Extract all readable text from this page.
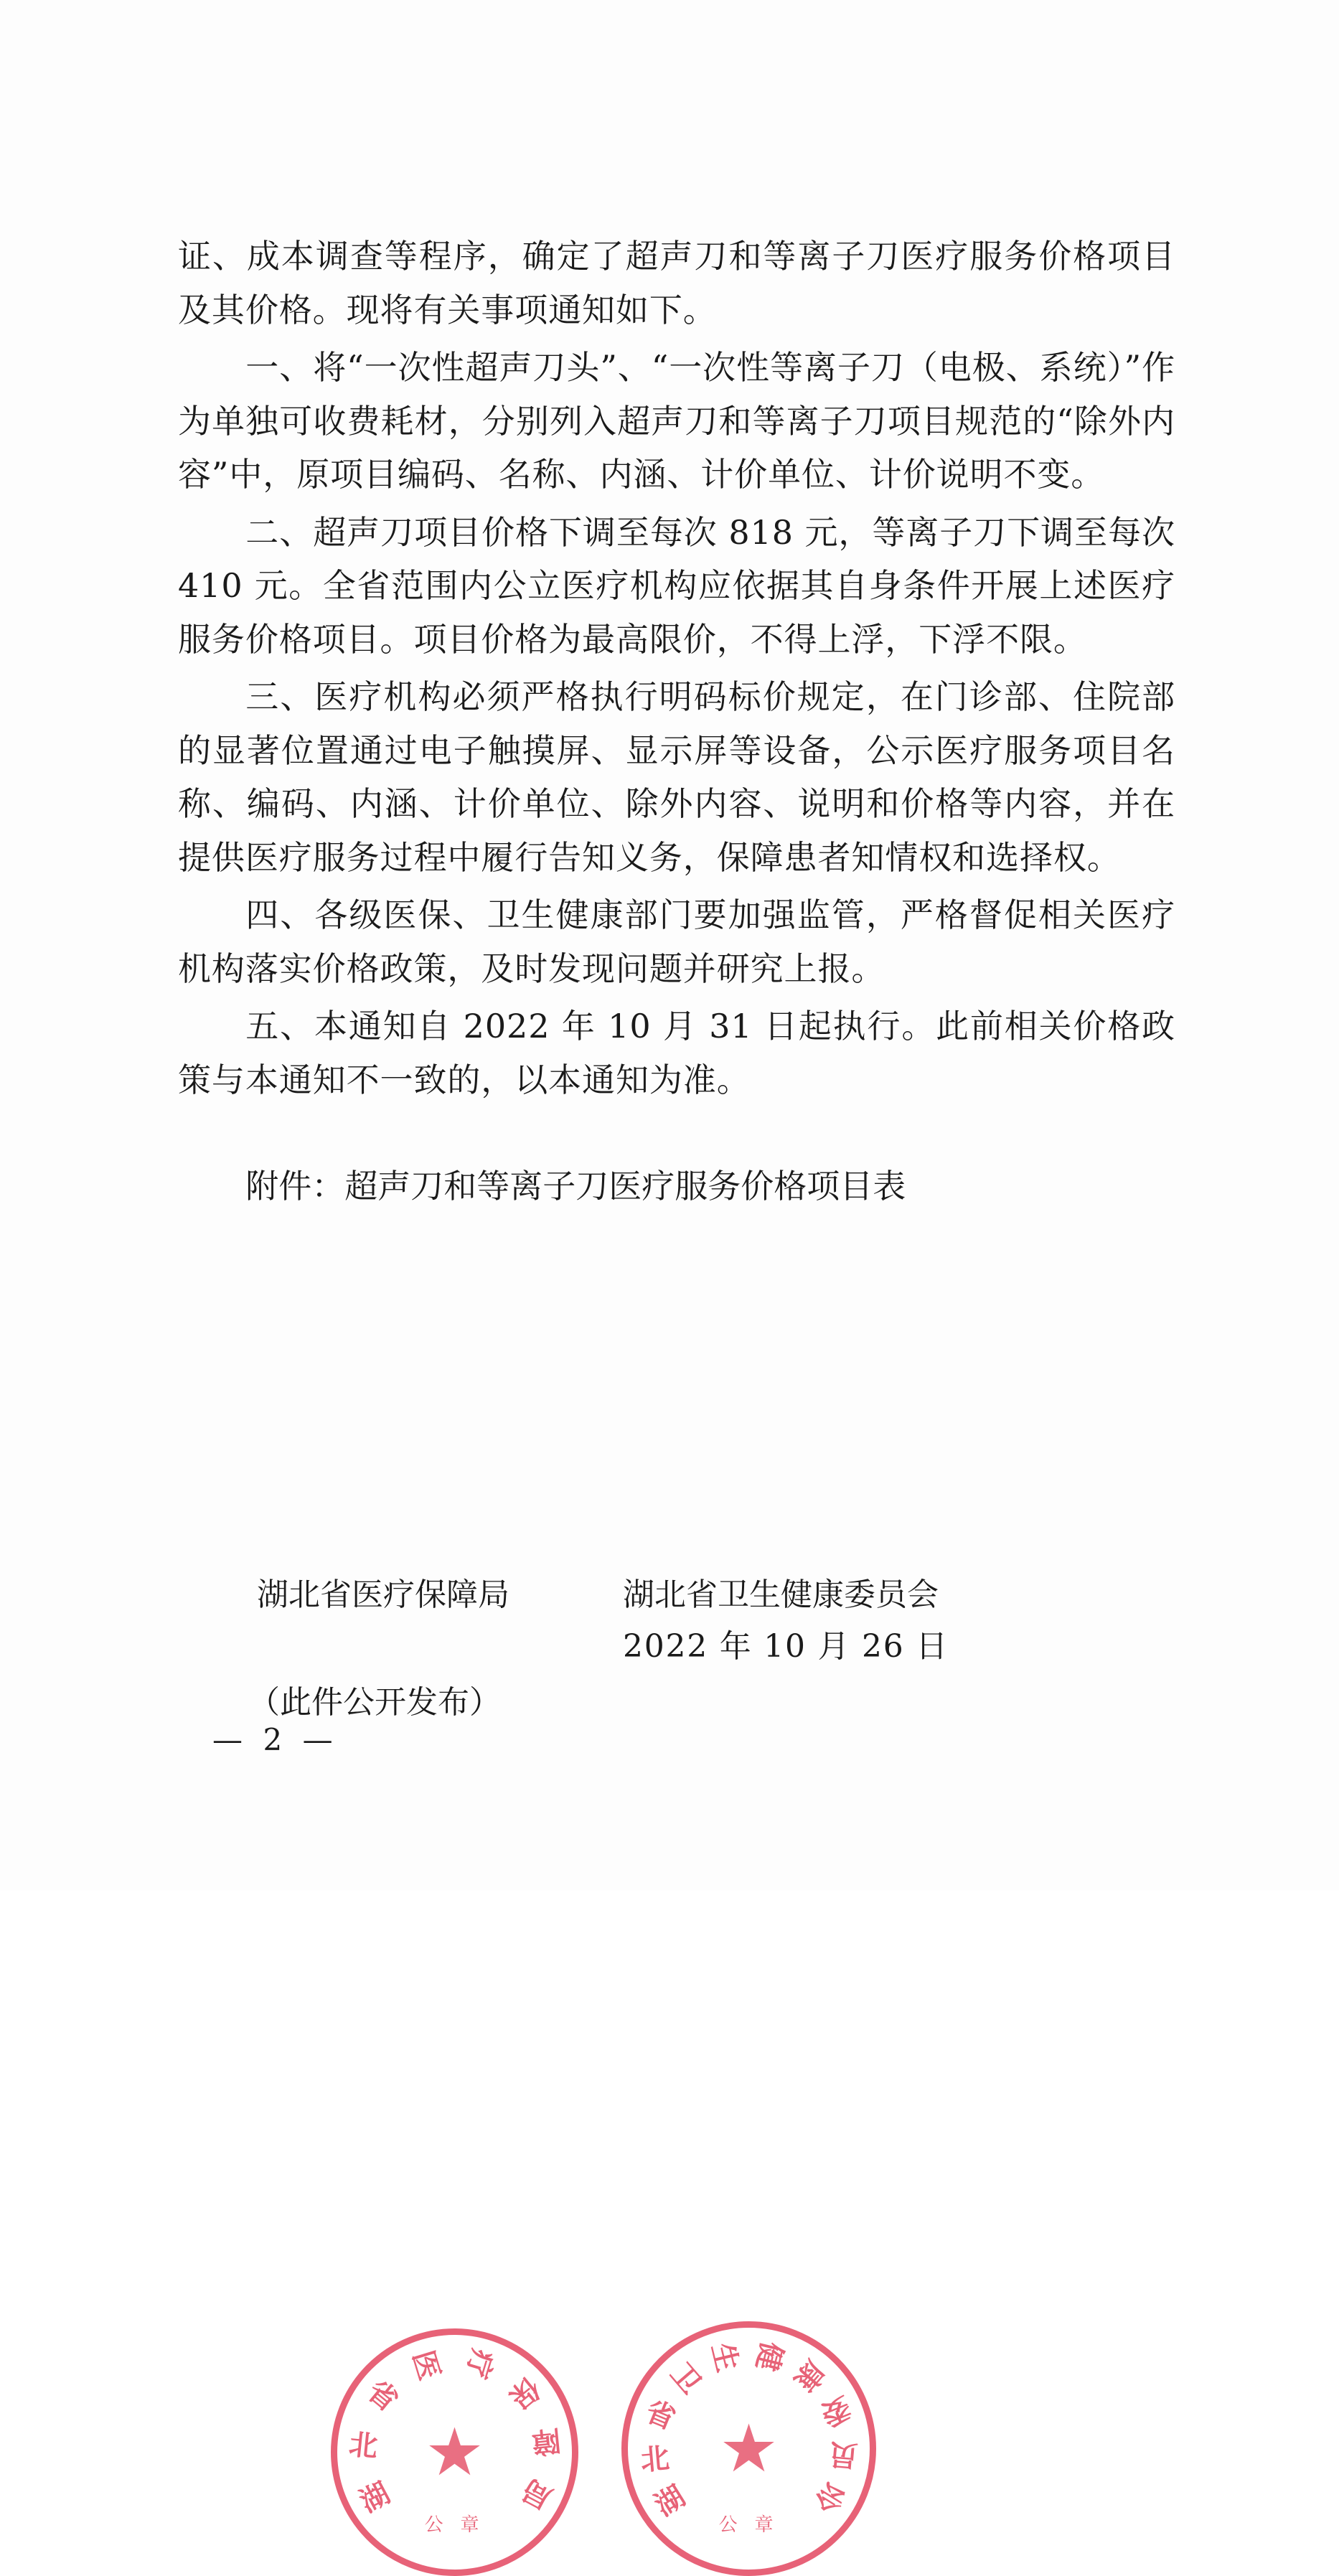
证、成本调查等程序，确定了超声刀和等离子刀医疗服务价格项目及其价格。现将有关事项通知如下。

一、将“一次性超声刀头”、“一次性等离子刀（电极、系统）”作为单独可收费耗材，分别列入超声刀和等离子刀项目规范的“除外内容”中，原项目编码、名称、内涵、计价单位、计价说明不变。

二、超声刀项目价格下调至每次 818 元，等离子刀下调至每次 410 元。全省范围内公立医疗机构应依据其自身条件开展上述医疗服务价格项目。项目价格为最高限价，不得上浮，下浮不限。

三、医疗机构必须严格执行明码标价规定，在门诊部、住院部的显著位置通过电子触摸屏、显示屏等设备，公示医疗服务项目名称、编码、内涵、计价单位、除外内容、说明和价格等内容，并在提供医疗服务过程中履行告知义务，保障患者知情权和选择权。

四、各级医保、卫生健康部门要加强监管，严格督促相关医疗机构落实价格政策，及时发现问题并研究上报。

五、本通知自 2022 年 10 月 31 日起执行。此前相关价格政策与本通知不一致的，以本通知为准。

附件：超声刀和等离子刀医疗服务价格项目表

湖
北
省
医 疗
保
障
局
★
公 章
湖
北
省
卫
生 健
康
委
员
会
★
公 章
湖北省医疗保障局	湖北省卫生健康委员会
2022 年 10 月 26 日
（此件公开发布）
— 2 —
